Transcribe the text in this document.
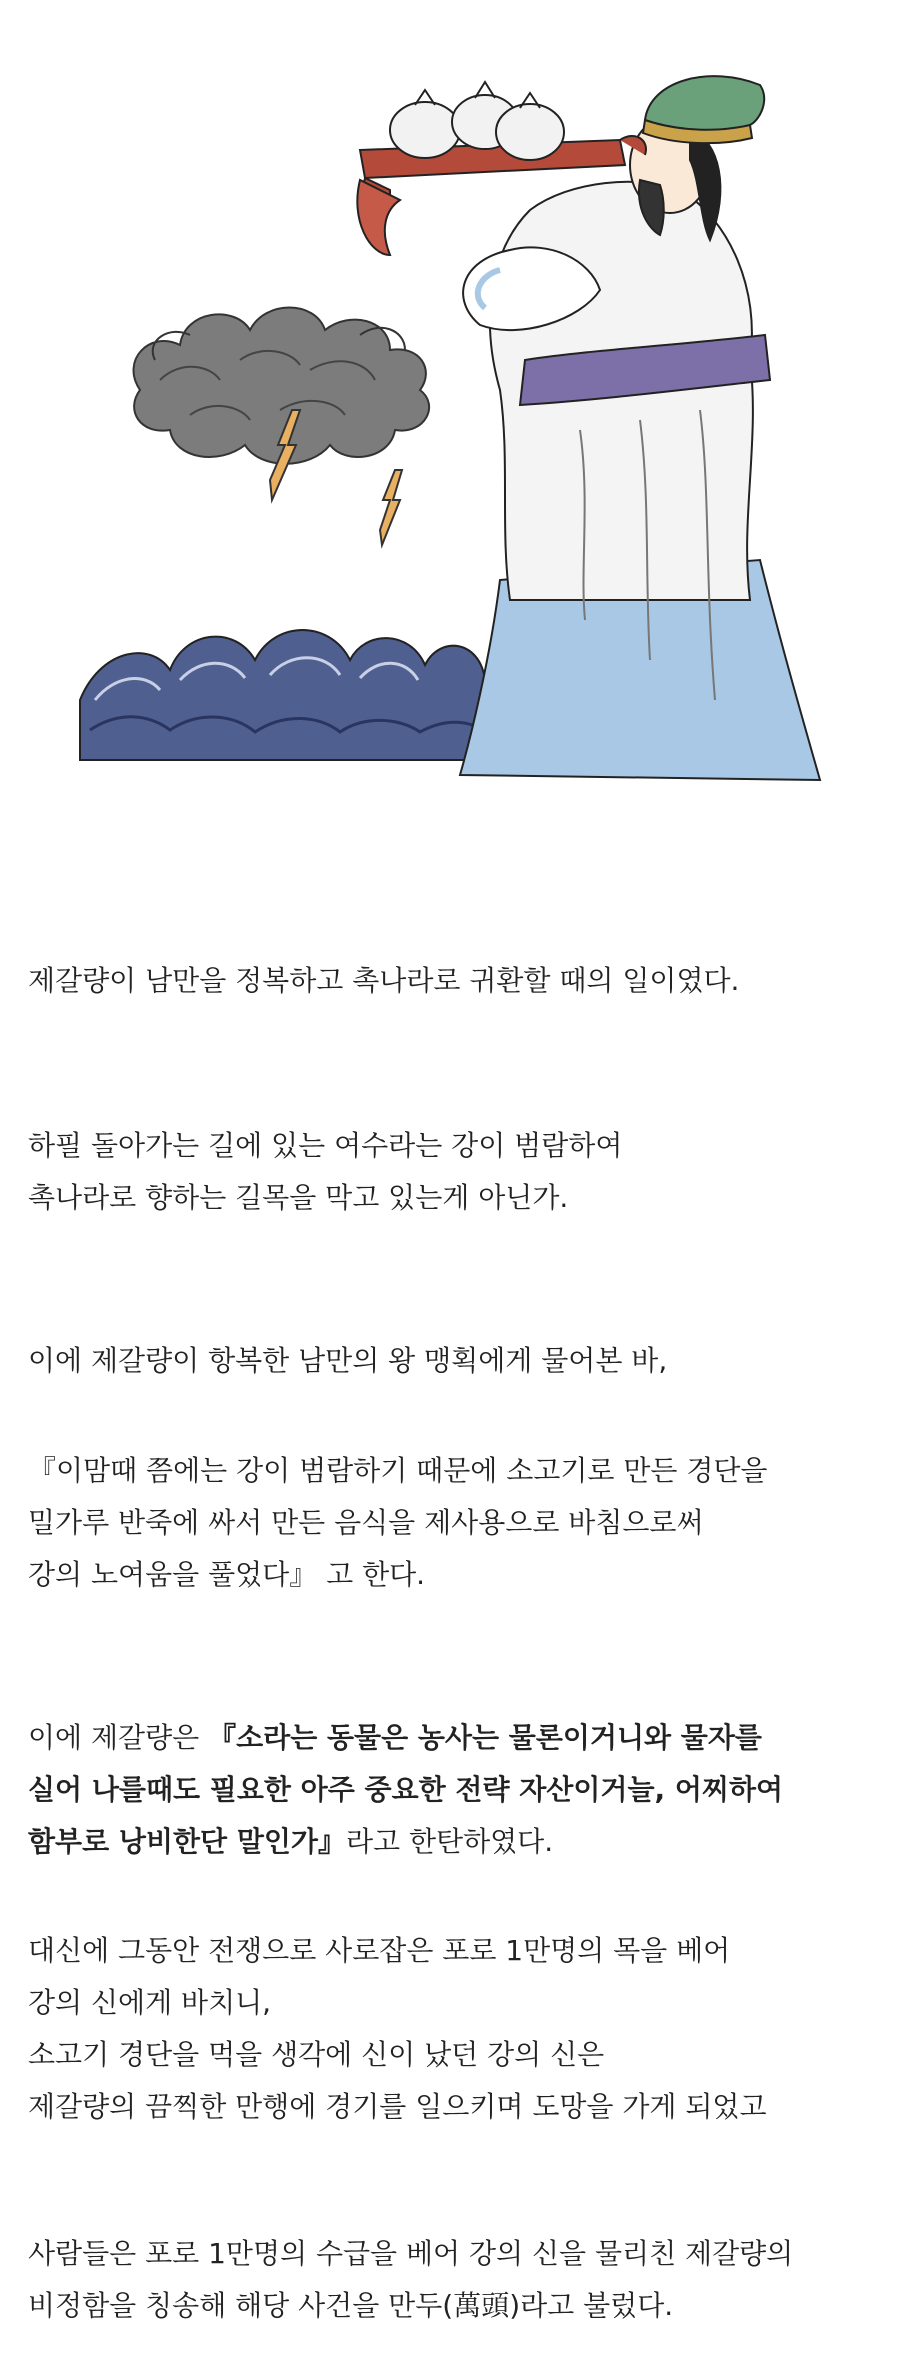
제갈량이 남만을 정복하고 촉나라로 귀환할 때의 일이였다.
하필 돌아가는 길에 있는 여수라는 강이 범람하여
촉나라로 향하는 길목을 막고 있는게 아닌가.
이에 제갈량이 항복한 남만의 왕 맹획에게 물어본 바,
『이맘때 쯤에는 강이 범람하기 때문에 소고기로 만든 경단을
밀가루 반죽에 싸서 만든 음식을 제사용으로 바침으로써
강의 노여움을 풀었다』 고 한다.
이에 제갈량은 『소라는 동물은 농사는 물론이거니와 물자를
실어 나를때도 필요한 아주 중요한 전략 자산이거늘, 어찌하여
함부로 낭비한단 말인가』라고 한탄하였다.
대신에 그동안 전쟁으로 사로잡은 포로 1만명의 목을 베어
강의 신에게 바치니,
소고기 경단을 먹을 생각에 신이 났던 강의 신은
제갈량의 끔찍한 만행에 경기를 일으키며 도망을 가게 되었고
사람들은 포로 1만명의 수급을 베어 강의 신을 물리친 제갈량의
비정함을 칭송해 해당 사건을 만두(萬頭)라고 불렀다.
